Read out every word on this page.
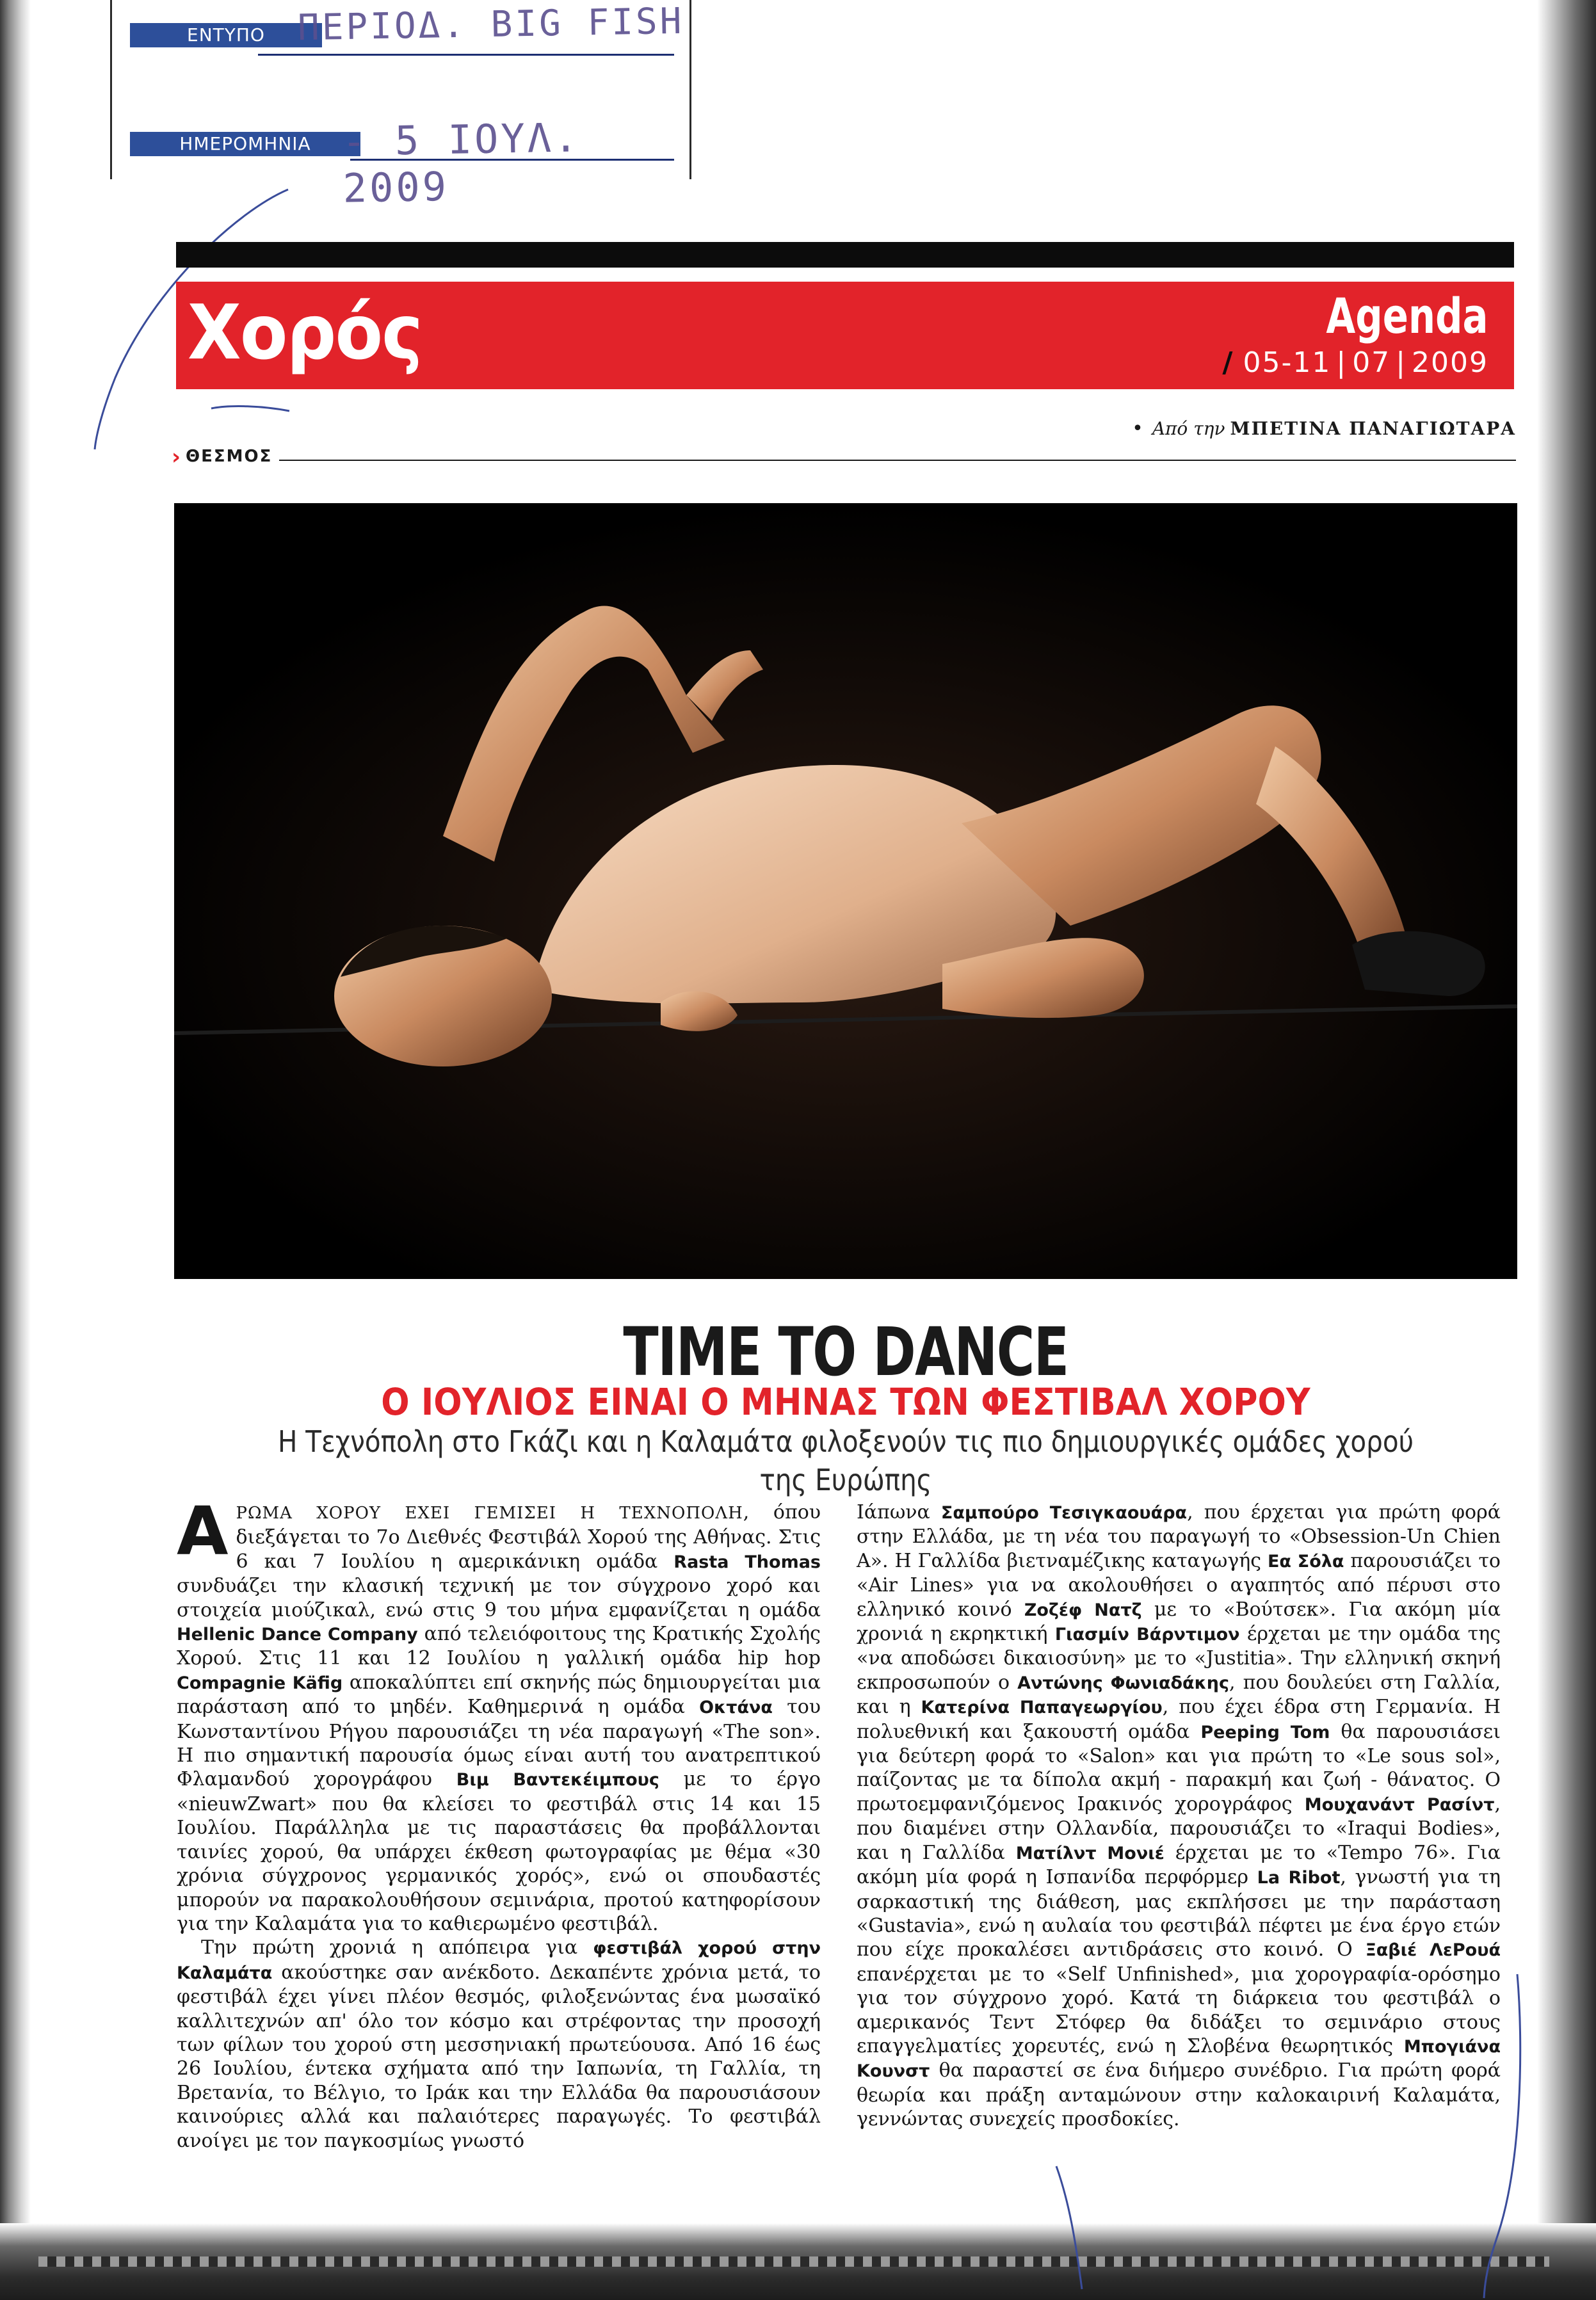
ΕΝΤΥΠΟ ΠΕΡΙΟΔ. BIG FISH
ΗΜΕΡΟΜΗΝΙΑ - 5 ΙΟΥΛ. 2009
Χορός	Agenda
/ 05-11 | 07 | 2009
› ΘΕΣΜΟΣ
• Από την ΜΠΕΤΙΝΑ ΠΑΝΑΓΙΩΤΑΡΑ
TIME TO DANCE
Ο ΙΟΥΛΙΟΣ ΕΙΝΑΙ Ο ΜΗΝΑΣ ΤΩΝ ΦΕΣΤΙΒΑΛ ΧΟΡΟΥ
Η Τεχνόπολη στο Γκάζι και η Καλαμάτα φιλοξενούν τις πιο δημιουργικές ομάδες χορού της Ευρώπης
Α ΡΩΜΑ ΧΟΡΟΥ ΕΧΕΙ ΓΕΜΙΣΕΙ Η ΤΕΧΝΟΠΟΛΗ, όπου διεξάγεται το 7ο Διεθνές Φεστιβάλ Χορού της Αθήνας. Στις 6 και 7 Ιουλίου η αμερικάνικη ομάδα Rasta Thomas συνδυάζει την κλασική τεχνική με τον σύγχρονο χορό και στοιχεία μιούζικαλ, ενώ στις 9 του μήνα εμφανίζεται η ομάδα Hellenic Dance Company από τελειόφοιτους της Κρατικής Σχολής Χορού. Στις 11 και 12 Ιουλίου η γαλλική ομάδα hip hop Compagnie Käfig αποκαλύπτει επί σκηνής πώς δημιουργείται μια παράσταση από το μηδέν. Καθημερινά η ομάδα Οκτάνα του Κωνσταντίνου Ρήγου παρουσιάζει τη νέα παραγωγή «The son». Η πιο σημαντική παρουσία όμως είναι αυτή του ανατρεπτικού Φλαμανδού χορογράφου Βιμ Βαντεκέιμπους με το έργο «nieuwZwart» που θα κλείσει το φεστιβάλ στις 14 και 15 Ιουλίου. Παράλληλα με τις παραστάσεις θα προβάλλονται ταινίες χορού, θα υπάρχει έκθεση φωτογραφίας με θέμα «30 χρόνια σύγχρονος γερμανικός χορός», ενώ οι σπουδαστές μπορούν να παρακολουθήσουν σεμινάρια, προτού κατηφορίσουν για την Καλαμάτα για το καθιερωμένο φεστιβάλ.

Την πρώτη χρονιά η απόπειρα για φεστιβάλ χορού στην Καλαμάτα ακούστηκε σαν ανέκδοτο. Δεκαπέντε χρόνια μετά, το φεστιβάλ έχει γίνει πλέον θεσμός, φιλοξενώντας ένα μωσαϊκό καλλιτεχνών απ' όλο τον κόσμο και στρέφοντας την προσοχή των φίλων του χορού στη μεσσηνιακή πρωτεύουσα. Από 16 έως 26 Ιουλίου, έντεκα σχήματα από την Ιαπωνία, τη Γαλλία, τη Βρετανία, το Βέλγιο, το Ιράκ και την Ελλάδα θα παρουσιάσουν καινούριες αλλά και παλαιότερες παραγωγές. Το φεστιβάλ ανοίγει με τον παγκοσμίως γνωστό

Ιάπωνα Σαμπούρο Τεσιγκαουάρα, που έρχεται για πρώτη φορά στην Ελλάδα, με τη νέα του παραγωγή το «Obsession-Un Chien A». Η Γαλλίδα βιετναμέζικης καταγωγής Εα Σόλα παρουσιάζει το «Air Lines» για να ακολουθήσει ο αγαπητός από πέρυσι στο ελληνικό κοινό Ζοζέφ Νατζ με το «Βούτσεκ». Για ακόμη μία χρονιά η εκρηκτική Γιασμίν Βάρντιμον έρχεται με την ομάδα της «να αποδώσει δικαιοσύνη» με το «Justitia». Την ελληνική σκηνή εκπροσωπούν ο Αντώνης Φωνιαδάκης, που δουλεύει στη Γαλλία, και η Κατερίνα Παπαγεωργίου, που έχει έδρα στη Γερμανία. Η πολυεθνική και ξακουστή ομάδα Peeping Tom θα παρουσιάσει για δεύτερη φορά το «Salon» και για πρώτη το «Le sous sol», παίζοντας με τα δίπολα ακμή - παρακμή και ζωή - θάνατος. Ο πρωτοεμφανιζόμενος Ιρακινός χορογράφος Μουχανάντ Ρασίντ, που διαμένει στην Ολλανδία, παρουσιάζει το «Iraqui Bodies», και η Γαλλίδα Ματίλντ Μονιέ έρχεται με το «Tempo 76». Για ακόμη μία φορά η Ισπανίδα περφόρμερ La Ribot, γνωστή για τη σαρκαστική της διάθεση, μας εκπλήσσει με την παράσταση «Gustavia», ενώ η αυλαία του φεστιβάλ πέφτει με ένα έργο ετών που είχε προκαλέσει αντιδράσεις στο κοινό. Ο Ξαβιέ ΛεΡουά επανέρχεται με το «Self Unfinished», μια χορογραφία-ορόσημο για τον σύγχρονο χορό. Κατά τη διάρκεια του φεστιβάλ ο αμερικανός Τεντ Στόφερ θα διδάξει το σεμινάριο στους επαγγελματίες χορευτές, ενώ η Σλοβένα θεωρητικός Μπογιάνα Κουνστ θα παραστεί σε ένα διήμερο συνέδριο. Για πρώτη φορά θεωρία και πράξη ανταμώνουν στην καλοκαιρινή Καλαμάτα, γεννώντας συνεχείς προσδοκίες.
